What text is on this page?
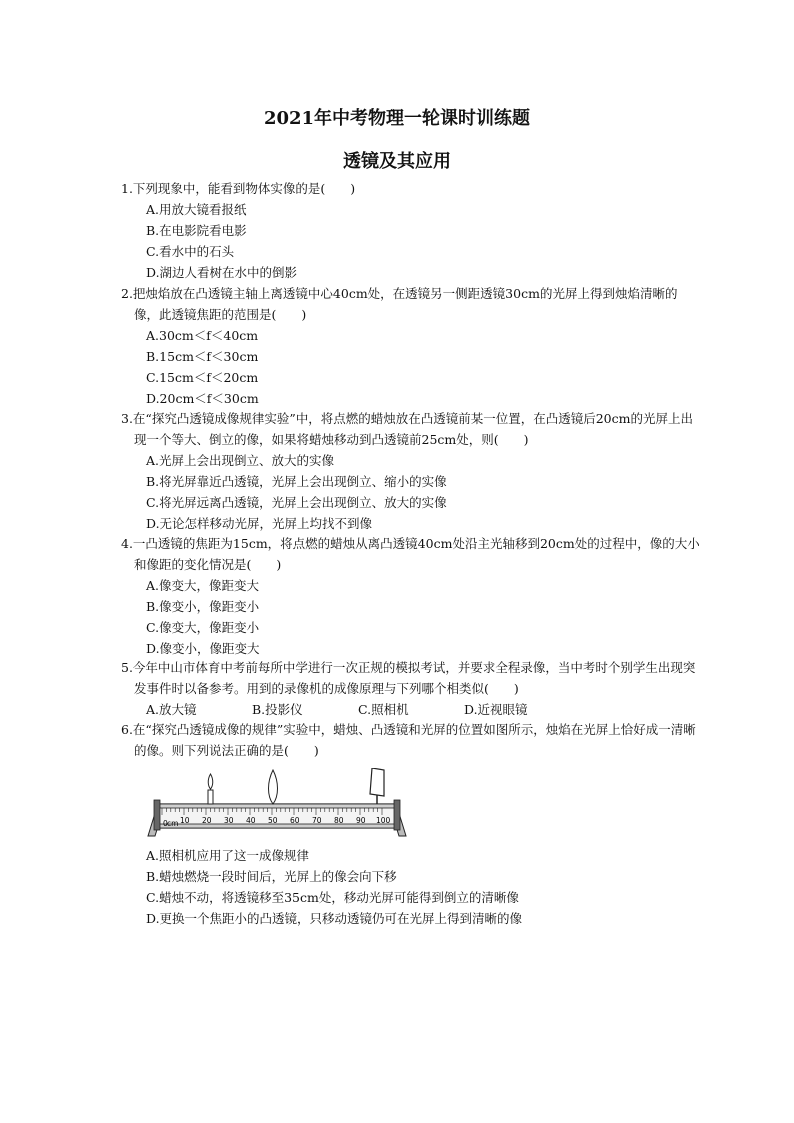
2021年中考物理一轮课时训练题
透镜及其应用
1.下列现象中，能看到物体实像的是(　　)
A.用放大镜看报纸
B.在电影院看电影
C.看水中的石头
D.湖边人看树在水中的倒影
2.把烛焰放在凸透镜主轴上离透镜中心40cm处，在透镜另一侧距透镜30cm的光屏上得到烛焰清晰的像，此透镜焦距的范围是(　　)
A.30cm＜f＜40cm
B.15cm＜f＜30cm
C.15cm＜f＜20cm
D.20cm＜f＜30cm
3.在“探究凸透镜成像规律实验”中，将点燃的蜡烛放在凸透镜前某一位置，在凸透镜后20cm的光屏上出现一个等大、倒立的像，如果将蜡烛移动到凸透镜前25cm处，则(　　)
A.光屏上会出现倒立、放大的实像
B.将光屏靠近凸透镜，光屏上会出现倒立、缩小的实像
C.将光屏远离凸透镜，光屏上会出现倒立、放大的实像
D.无论怎样移动光屏，光屏上均找不到像
4.一凸透镜的焦距为15cm，将点燃的蜡烛从离凸透镜40cm处沿主光轴移到20cm处的过程中，像的大小和像距的变化情况是(　　)
A.像变大，像距变大
B.像变小，像距变小
C.像变大，像距变小
D.像变小，像距变大
5.今年中山市体育中考前每所中学进行一次正规的模拟考试，并要求全程录像，当中考时个别学生出现突发事件时以备参考。用到的录像机的成像原理与下列哪个相类似(　　)
A.放大镜	B.投影仪	C.照相机	D.近视眼镜
6.在“探究凸透镜成像的规律”实验中，蜡烛、凸透镜和光屏的位置如图所示，烛焰在光屏上恰好成一清晰的像。则下列说法正确的是(　　)
0 cm 10 20 30 40 50 60 70 80 90 100
A.照相机应用了这一成像规律
B.蜡烛燃烧一段时间后，光屏上的像会向下移
C.蜡烛不动，将透镜移至35cm处，移动光屏可能得到倒立的清晰像
D.更换一个焦距小的凸透镜，只移动透镜仍可在光屏上得到清晰的像
